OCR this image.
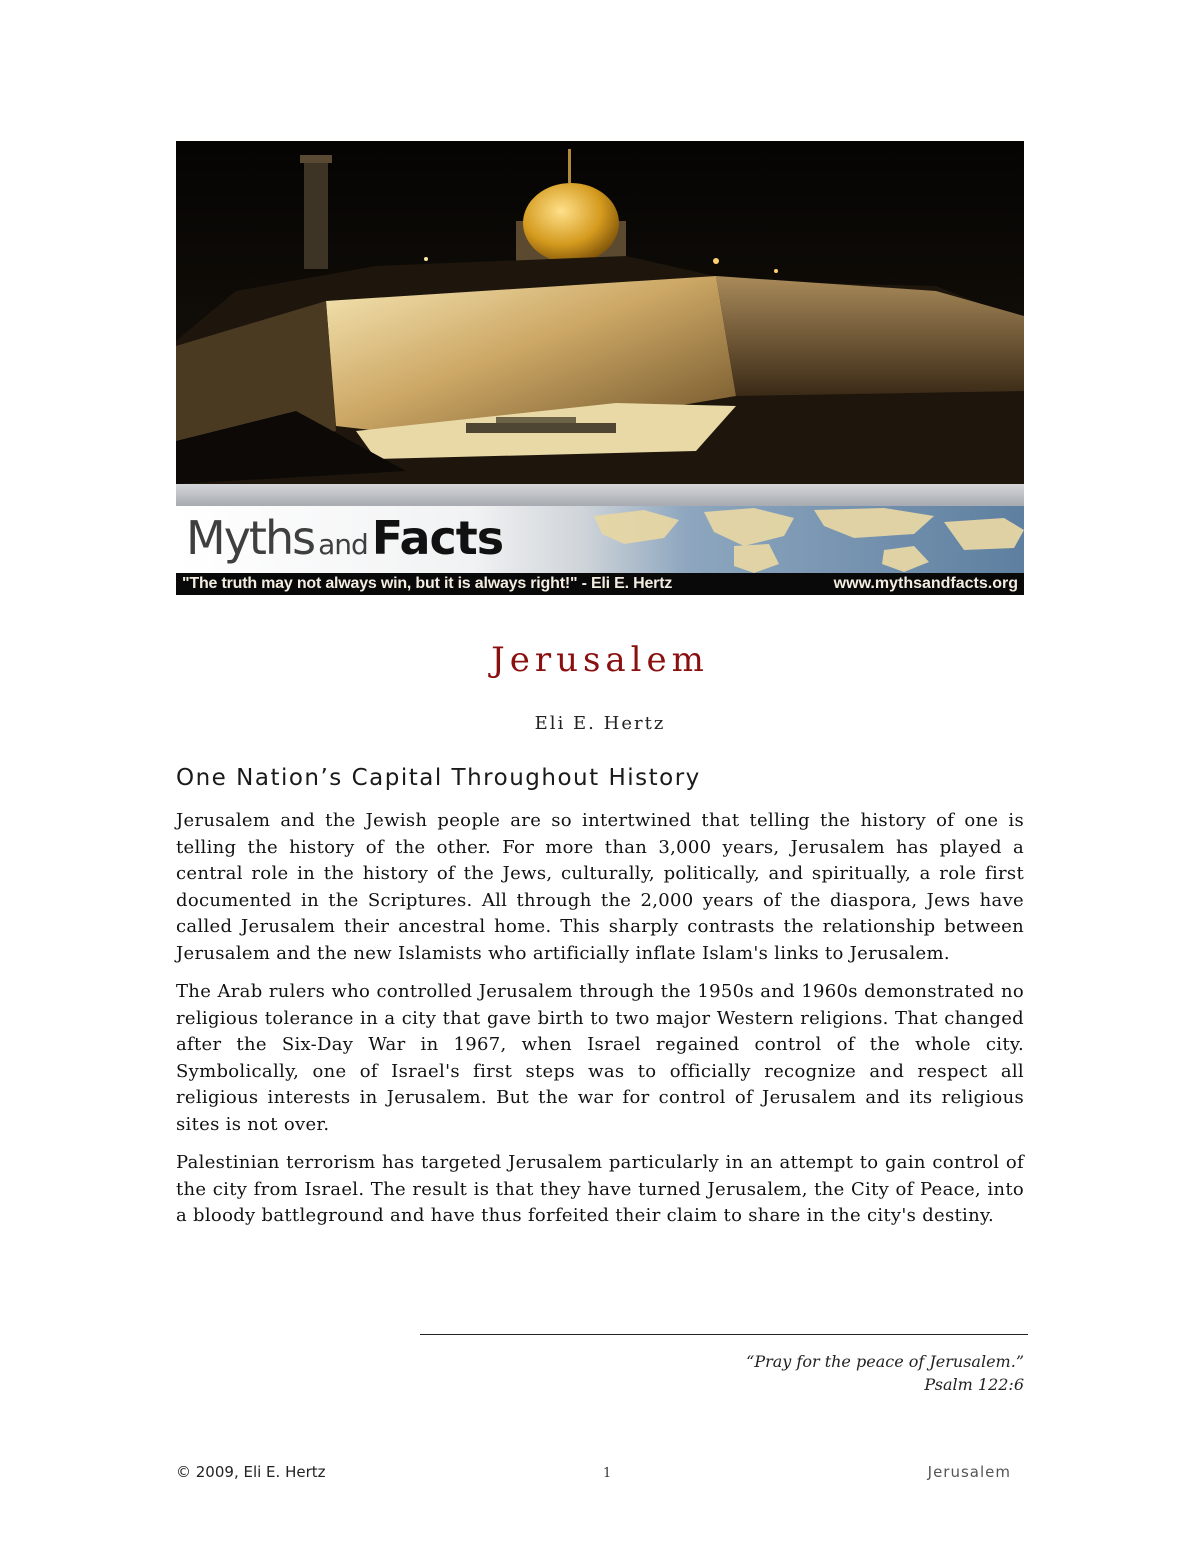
Myths andFacts
"The truth may not always win, but it is always right!" - Eli E. Hertz	www.mythsandfacts.org
Jerusalem
Eli E. Hertz
One Nation’s Capital Throughout History

Jerusalem and the Jewish people are so intertwined that telling the history of one is telling the history of the other. For more than 3,000 years, Jerusalem has played a central role in the history of the Jews, culturally, politically, and spiritually, a role first documented in the Scriptures. All through the 2,000 years of the diaspora, Jews have called Jerusalem their ancestral home. This sharply contrasts the relationship between Jerusalem and the new Islamists who artificially inflate Islam's links to Jerusalem.

The Arab rulers who controlled Jerusalem through the 1950s and 1960s demonstrated no religious tolerance in a city that gave birth to two major Western religions. That changed after the Six-Day War in 1967, when Israel regained control of the whole city. Symbolically, one of Israel's first steps was to officially recognize and respect all religious interests in Jerusalem. But the war for control of Jerusalem and its religious sites is not over.

Palestinian terrorism has targeted Jerusalem particularly in an attempt to gain control of the city from Israel. The result is that they have turned Jerusalem, the City of Peace, into a bloody battleground and have thus forfeited their claim to share in the city's destiny.

“Pray for the peace of Jerusalem.”
Psalm 122:6
© 2009, Eli E. Hertz	1	Jerusalem
